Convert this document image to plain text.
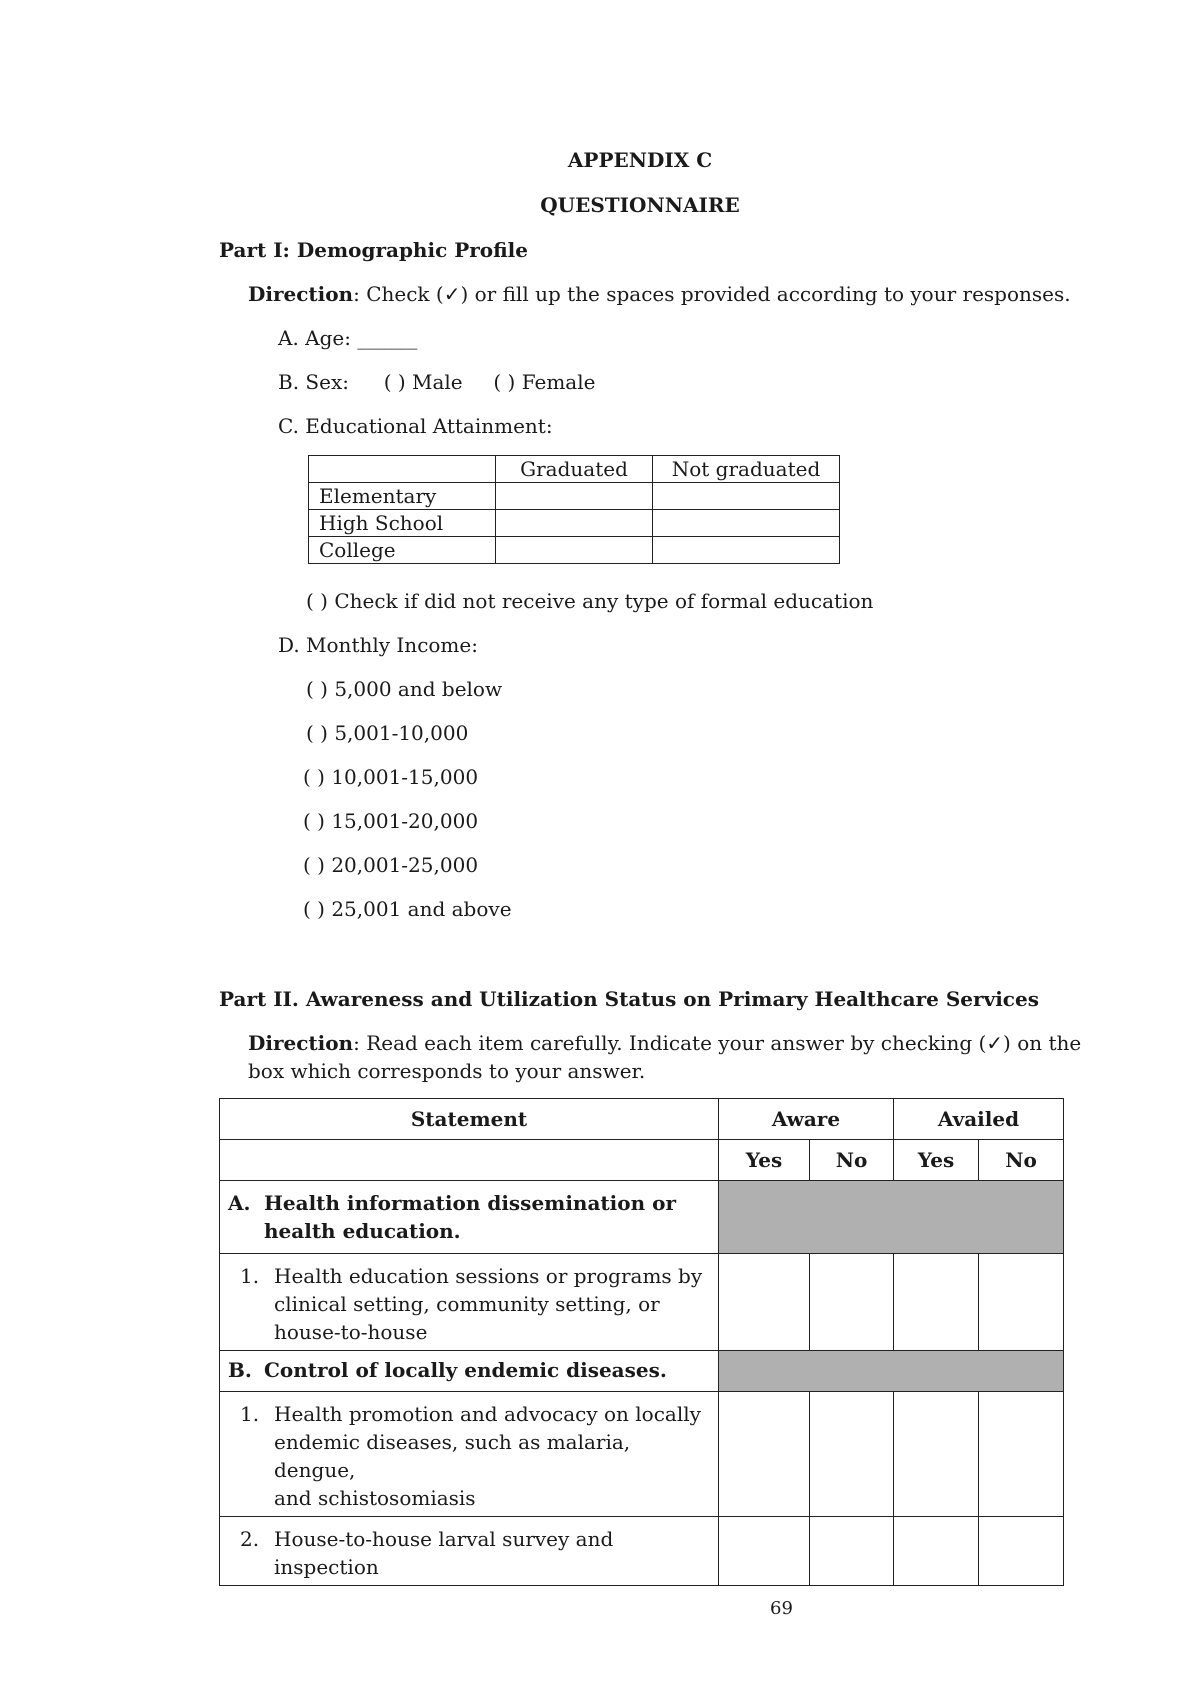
APPENDIX C
QUESTIONNAIRE
Part I: Demographic Profile
Direction: Check (✓) or fill up the spaces provided according to your responses.
A. Age: ______
B. Sex: ( ) Male ( ) Female
C. Educational Attainment:
	Graduated	Not graduated
Elementary		
High School		
College		
( ) Check if did not receive any type of formal education
D. Monthly Income:
( ) 5,000 and below
( ) 5,001-10,000
( ) 10,001-15,000
( ) 15,001-20,000
( ) 20,001-25,000
( ) 25,001 and above
Part II. Awareness and Utilization Status on Primary Healthcare Services
Direction: Read each item carefully. Indicate your answer by checking (✓) on the
box which corresponds to your answer.
Statement	Aware		Availed	
	Yes	No	Yes	No
A. Health information dissemination or
health education.				

1. Health education sessions or programs by
clinical setting, community setting, or
house-to-house				
B. Control of locally endemic diseases.				

1. Health promotion and advocacy on locally
endemic diseases, such as malaria, dengue,
and schistosomiasis				

2. House-to-house larval survey and
inspection				
69
